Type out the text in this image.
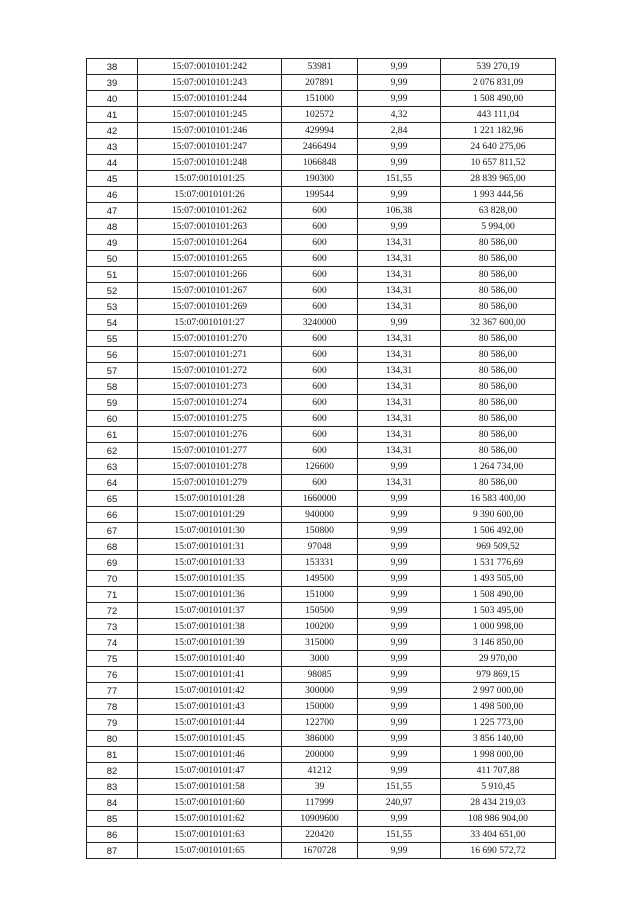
38	15:07:0010101:242	53981	9,99	539 270,19
39	15:07:0010101:243	207891	9,99	2 076 831,09
40	15:07:0010101:244	151000	9,99	1 508 490,00
41	15:07:0010101:245	102572	4,32	443 111,04
42	15:07:0010101:246	429994	2,84	1 221 182,96
43	15:07:0010101:247	2466494	9,99	24 640 275,06
44	15:07:0010101:248	1066848	9,99	10 657 811,52
45	15:07:0010101:25	190300	151,55	28 839 965,00
46	15:07:0010101:26	199544	9,99	1 993 444,56
47	15:07:0010101:262	600	106,38	63 828,00
48	15:07:0010101:263	600	9,99	5 994,00
49	15:07:0010101:264	600	134,31	80 586,00
50	15:07:0010101:265	600	134,31	80 586,00
51	15:07:0010101:266	600	134,31	80 586,00
52	15:07:0010101:267	600	134,31	80 586,00
53	15:07:0010101:269	600	134,31	80 586,00
54	15:07:0010101:27	3240000	9,99	32 367 600,00
55	15:07:0010101:270	600	134,31	80 586,00
56	15:07:0010101:271	600	134,31	80 586,00
57	15:07:0010101:272	600	134,31	80 586,00
58	15:07:0010101:273	600	134,31	80 586,00
59	15:07:0010101:274	600	134,31	80 586,00
60	15:07:0010101:275	600	134,31	80 586,00
61	15:07:0010101:276	600	134,31	80 586,00
62	15:07:0010101:277	600	134,31	80 586,00
63	15:07:0010101:278	126600	9,99	1 264 734,00
64	15:07:0010101:279	600	134,31	80 586,00
65	15:07:0010101:28	1660000	9,99	16 583 400,00
66	15:07:0010101:29	940000	9,99	9 390 600,00
67	15:07:0010101:30	150800	9,99	1 506 492,00
68	15:07:0010101:31	97048	9,99	969 509,52
69	15:07:0010101:33	153331	9,99	1 531 776,69
70	15:07:0010101:35	149500	9,99	1 493 505,00
71	15:07:0010101:36	151000	9,99	1 508 490,00
72	15:07:0010101:37	150500	9,99	1 503 495,00
73	15:07:0010101:38	100200	9,99	1 000 998,00
74	15:07:0010101:39	315000	9,99	3 146 850,00
75	15:07:0010101:40	3000	9,99	29 970,00
76	15:07:0010101:41	98085	9,99	979 869,15
77	15:07:0010101:42	300000	9,99	2 997 000,00
78	15:07:0010101:43	150000	9,99	1 498 500,00
79	15:07:0010101:44	122700	9,99	1 225 773,00
80	15:07:0010101:45	386000	9,99	3 856 140,00
81	15:07:0010101:46	200000	9,99	1 998 000,00
82	15:07:0010101:47	41212	9,99	411 707,88
83	15:07:0010101:58	39	151,55	5 910,45
84	15:07:0010101:60	117999	240,97	28 434 219,03
85	15:07:0010101:62	10909600	9,99	108 986 904,00
86	15:07:0010101:63	220420	151,55	33 404 651,00
87	15:07:0010101:65	1670728	9,99	16 690 572,72
